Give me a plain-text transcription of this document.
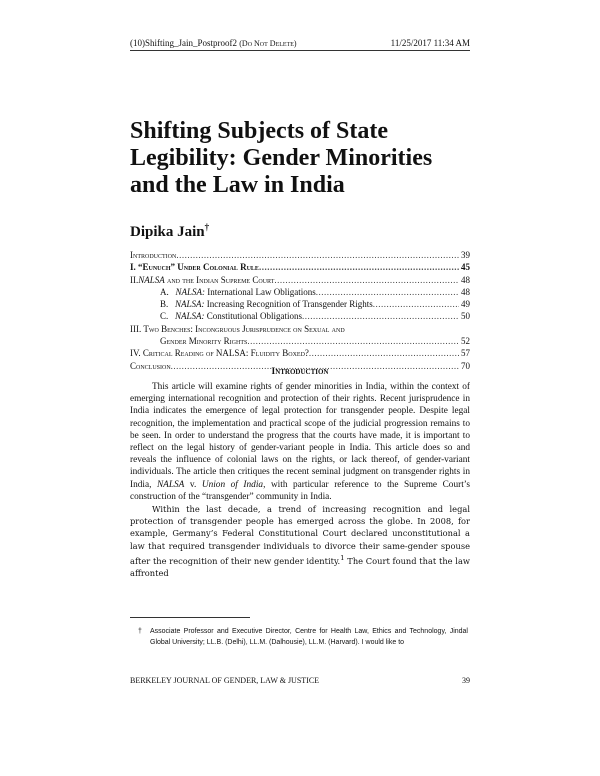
(10)Shifting_Jain_Postproof2 (Do Not Delete)	11/25/2017 11:34 AM
Shifting Subjects of State Legibility: Gender Minorities and the Law in India
Dipika Jain†
Introduction .....	39
I. “Eunuch” Under Colonial Rule .....	45
II.NALSA and the Indian Supreme Court .....	48
A. NALSA: International Law Obligations .....	48
B. NALSA: Increasing Recognition of Transgender Rights .....	49
C. NALSA: Constitutional Obligations .....	50
III. Two Benches: Incongruous Jurisprudence on Sexual and
Gender Minority Rights .....	52
IV. Critical Reading of NALSA: Fluidity Boxed? .....	57
Conclusion .....	70
Introduction

This article will examine rights of gender minorities in India, within the context of emerging international recognition and protection of their rights. Recent jurisprudence in India indicates the emergence of legal protection for transgender people. Despite legal recognition, the implementation and practical scope of the judicial progression remains to be seen. In order to understand the progress that the courts have made, it is important to reflect on the legal history of gender-variant people in India. This article does so and reveals the influence of colonial laws on the rights, or lack thereof, of gender-variant individuals. The article then critiques the recent seminal judgment on transgender rights in India, NALSA v. Union of India, with particular reference to the Supreme Court’s construction of the “transgender” community in India.

Within the last decade, a trend of increasing recognition and legal protection of transgender people has emerged across the globe. In 2008, for example, Germany’s Federal Constitutional Court declared unconstitutional a law that required transgender individuals to divorce their same-gender spouse after the recognition of their new gender identity.$^1$ The Court found that the law affronted

† Associate Professor and Executive Director, Centre for Health Law, Ethics and Technology, Jindal Global University; LL.B. (Delhi), LL.M. (Dalhousie), LL.M. (Harvard). I would like to
BERKELEY JOURNAL OF GENDER, LAW & JUSTICE	39
